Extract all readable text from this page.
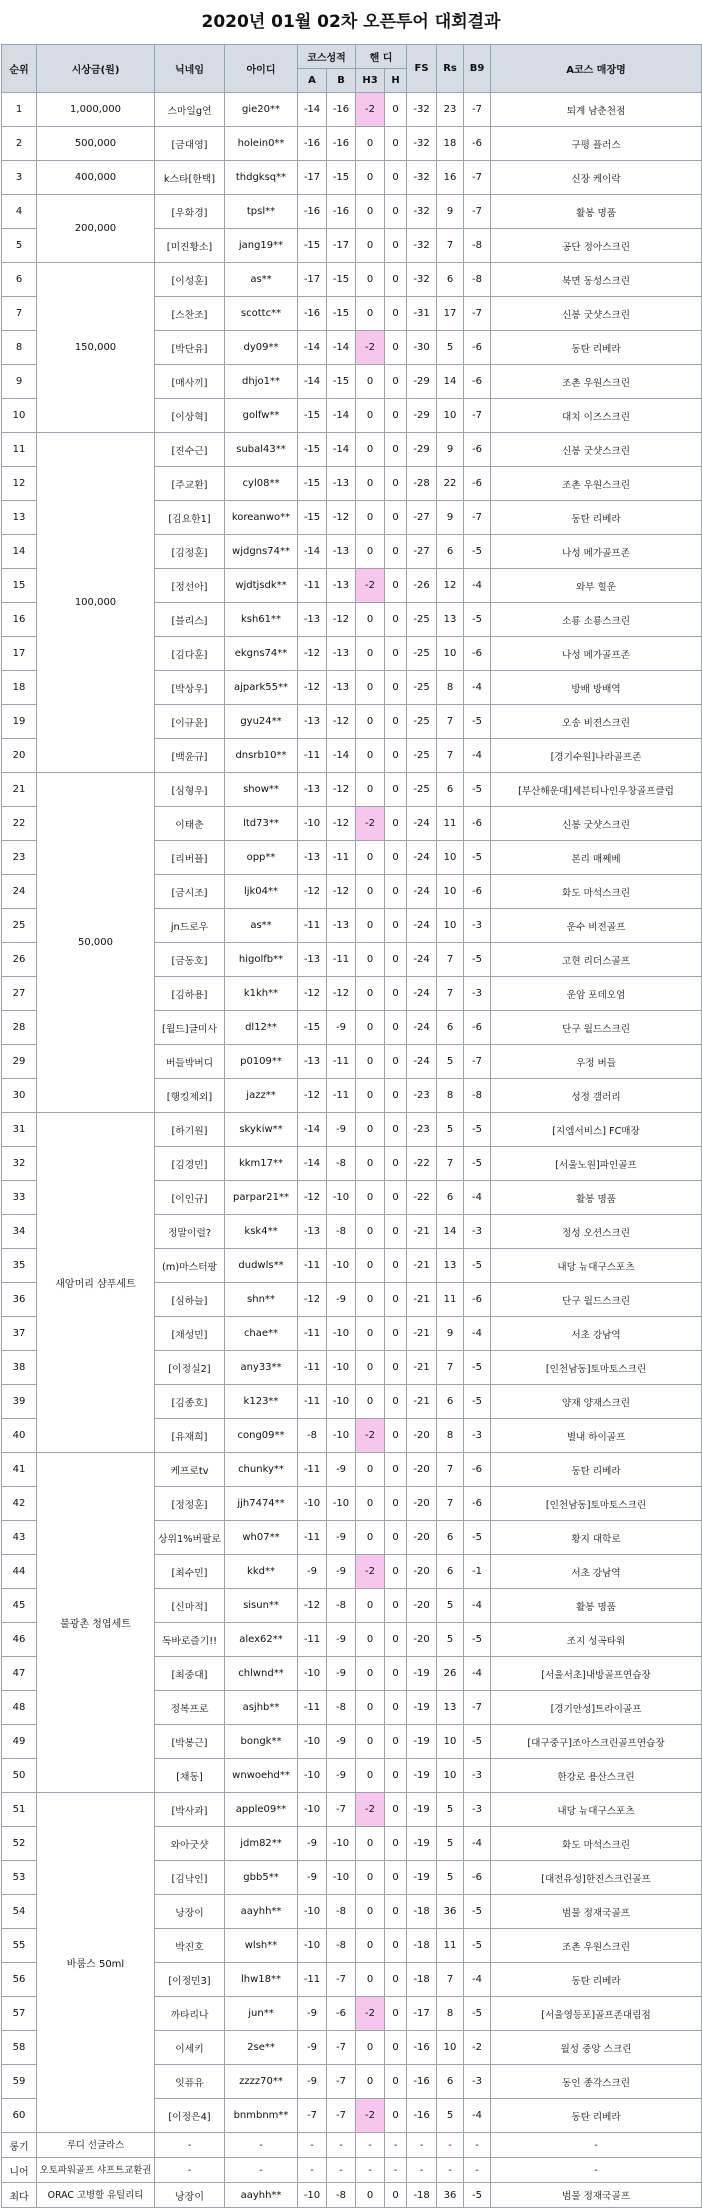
2020년 01월 02차 오픈투어 대회결과
순위	시상금(원)	닉네임	아이디	코스성적		핸 디		FS	Rs	B9	A코스 매장명
				A	B	H3	H				
1	1,000,000	스마일g연	gie20**	-14	-16	-2	0	-32	23	-7	퇴계 남춘천점
2	500,000	[금대영]	holein0**	-16	-16	0	0	-32	18	-6	구평 플러스
3	400,000	k스타[한택]	thdgksq**	-17	-15	0	0	-32	16	-7	신장 케이락
4	200,000	[우화경]	tpsl**	-16	-16	0	0	-32	9	-7	활봉 명품
5		[미진황소]	jang19**	-15	-17	0	0	-32	7	-8	공단 정아스크린
6	150,000	[이성훈]	as**	-17	-15	0	0	-32	6	-8	북면 동성스크린
7		[스찬조]	scottc**	-16	-15	0	0	-31	17	-7	신봉 굿샷스크린
8		[박단유]	dy09**	-14	-14	-2	0	-30	5	-6	동탄 리베라
9		[매사끼]	dhjo1**	-14	-15	0	0	-29	14	-6	조촌 우원스크린
10		[이상혁]	golfw**	-15	-14	0	0	-29	10	-7	대치 이즈스크린
11	100,000	[진수근]	subal43**	-15	-14	0	0	-29	9	-6	신봉 굿샷스크린
12		[주교환]	cyl08**	-15	-13	0	0	-28	22	-6	조촌 우원스크린
13		[김요한1]	koreanwo**	-15	-12	0	0	-27	9	-7	동탄 리베라
14		[김정훈]	wjdgns74**	-14	-13	0	0	-27	6	-5	나성 메가골프존
15		[정선아]	wjdtjsdk**	-11	-13	-2	0	-26	12	-4	와부 힐운
16		[블리스]	ksh61**	-13	-12	0	0	-25	13	-5	소룡 소룡스크린
17		[김다훈]	ekgns74**	-12	-13	0	0	-25	10	-6	나성 메가골프존
18		[박상우]	ajpark55**	-12	-13	0	0	-25	8	-4	방배 방배역
19		[이규윤]	gyu24**	-13	-12	0	0	-25	7	-5	오송 비젼스크린
20		[백윤규]	dnsrb10**	-11	-14	0	0	-25	7	-4	[경기수원]나라골프존
21	50,000	[심형우]	show**	-13	-12	0	0	-25	6	-5	[부산해운대]세븐티나인우창골프클럽
22		이태춘	ltd73**	-10	-12	-2	0	-24	11	-6	신봉 굿샷스크린
23		[리버플]	opp**	-13	-11	0	0	-24	10	-5	본리 매쩨베
24		[금시조]	ljk04**	-12	-12	0	0	-24	10	-6	화도 마석스크린
25		jn드로우	as**	-11	-13	0	0	-24	10	-3	운수 비전골프
26		[금동호]	higolfb**	-13	-11	0	0	-24	7	-5	고현 리더스골프
27		[김하용]	k1kh**	-12	-12	0	0	-24	7	-3	운암 포데오엄
28		[월드]글미사	dl12**	-15	-9	0	0	-24	6	-6	단구 월드스크린
29		버들박버디	p0109**	-13	-11	0	0	-24	5	-7	우정 버들
30		[행킹제외]	jazz**	-12	-11	0	0	-23	8	-8	성정 갤러리
31	새암머리 샴푸세트	[하기원]	skykiw**	-14	-9	0	0	-23	5	-5	[지엠서비스] FC매장
32		[김경민]	kkm17**	-14	-8	0	0	-22	7	-5	[서울노원]파인골프
33		[이인규]	parpar21**	-12	-10	0	0	-22	6	-4	활봉 명품
34		정말이럴?	ksk4**	-13	-8	0	0	-21	14	-3	정성 오션스크린
35		(m)마스터팡	dudwls**	-11	-10	0	0	-21	13	-5	내당 뉴대구스포츠
36		[심하늘]	shn**	-12	-9	0	0	-21	11	-6	단구 월드스크린
37		[채성민]	chae**	-11	-10	0	0	-21	9	-4	서초 강남역
38		[이정실2]	any33**	-11	-10	0	0	-21	7	-5	[인천남동]토마토스크린
39		[김종호]	k123**	-11	-10	0	0	-21	6	-5	양재 양재스크린
40		[유재희]	cong09**	-8	-10	-2	0	-20	8	-3	별내 하이골프
41	불광촌 청엽세트	케프로tv	chunky**	-11	-9	0	0	-20	7	-6	동탄 리베라
42		[정정훈]	jjh7474**	-10	-10	0	0	-20	7	-6	[인천남동]토마토스크린
43		상위1%버팔로	wh07**	-11	-9	0	0	-20	6	-5	황지 대학로
44		[최수민]	kkd**	-9	-9	-2	0	-20	6	-1	서초 강남역
45		[신마적]	sisun**	-12	-8	0	0	-20	5	-4	활봉 명품
46		독바로즐기!!	alex62**	-11	-9	0	0	-20	5	-5	조지 성곡타워
47		[최중대]	chlwnd**	-10	-9	0	0	-19	26	-4	[서울서초]내방골프연습장
48		정복프로	asjhb**	-11	-8	0	0	-19	13	-7	[경기안성]트라이골프
49		[박봉근]	bongk**	-10	-9	0	0	-19	10	-5	[대구중구]조아스크린골프연습장
50		[채동]	wnwoehd**	-10	-9	0	0	-19	10	-3	한강로 용산스크린
51	바룸스 50ml	[박사과]	apple09**	-10	-7	-2	0	-19	5	-3	내당 뉴대구스포츠
52		와아굿샷	jdm82**	-9	-10	0	0	-19	5	-4	화도 마석스크린
53		[김낙인]	gbb5**	-9	-10	0	0	-19	5	-6	[대전유성]한진스크린골프
54		낭장이	aayhh**	-10	-8	0	0	-18	36	-5	범물 정재국골프
55		박진호	wlsh**	-10	-8	0	0	-18	11	-5	조촌 우원스크린
56		[이정민3]	lhw18**	-11	-7	0	0	-18	7	-4	동탄 리베라
57		까타리나	jun**	-9	-6	-2	0	-17	8	-5	[서울영등포]골프존대림점
58		이세키	2se**	-9	-7	0	0	-16	10	-2	월성 중앙 스크린
59		잇퓨유	zzzz70**	-9	-7	0	0	-16	6	-3	동인 종각스크린
60		[이정은4]	bnmbnm**	-7	-7	-2	0	-16	5	-4	동탄 리베라
롱기	루디 선글라스	-	-	-	-	-	-	-	-	-	-
니어	오토파워골프 샤프트교환권	-	-	-	-	-	-	-	-	-	-
최다	ORAC 고병할 유틸리티	낭장이	aayhh**	-10	-8	0	0	-18	36	-5	범물 정재국골프
